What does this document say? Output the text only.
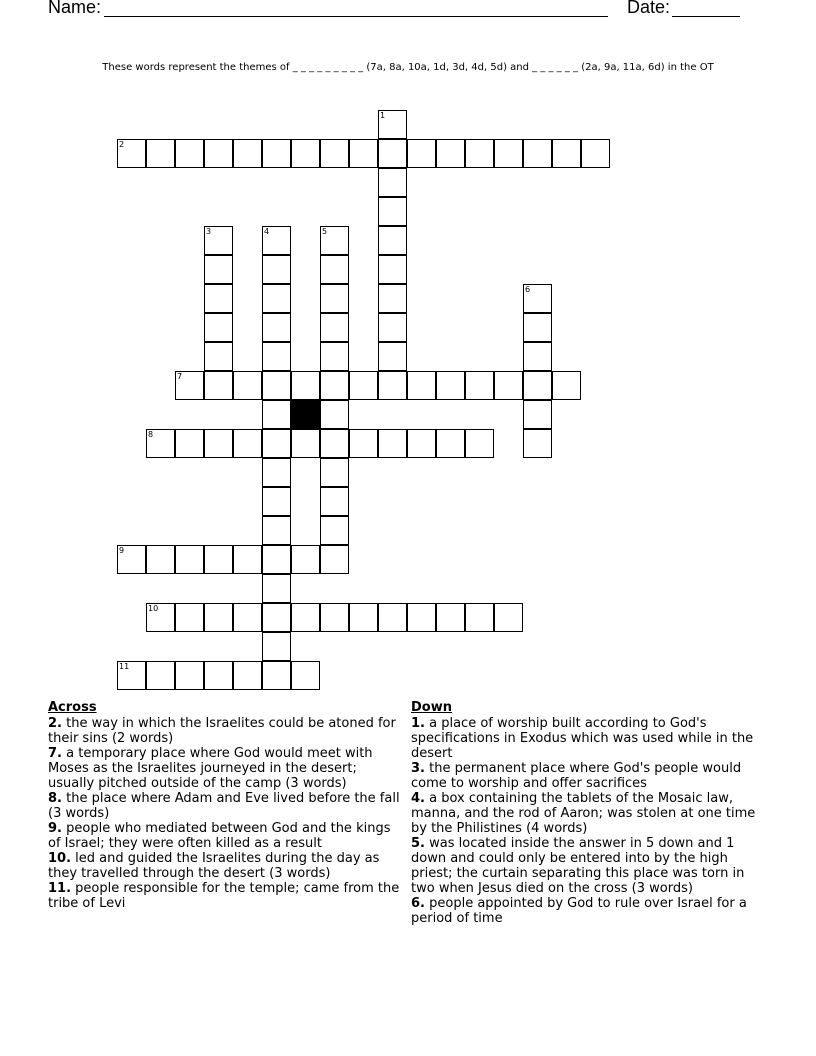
Name:	Date:
These words represent the themes of _ _ _ _ _ _ _ _ _ (7a, 8a, 10a, 1d, 3d, 4d, 5d) and _ _ _ _ _ _ (2a, 9a, 11a, 6d) in the OT
2
7
8
9
10
11
1
3	4	5
6
Across
2. the way in which the Israelites could be atoned for their sins (2 words)
7. a temporary place where God would meet with Moses as the Israelites journeyed in the desert; usually pitched outside of the camp (3 words)
8. the place where Adam and Eve lived before the fall (3 words)
9. people who mediated between God and the kings of Israel; they were often killed as a result
10. led and guided the Israelites during the day as they travelled through the desert (3 words)
11. people responsible for the temple; came from the tribe of Levi
Down
1. a place of worship built according to God's specifications in Exodus which was used while in the desert
3. the permanent place where God's people would come to worship and offer sacrifices
4. a box containing the tablets of the Mosaic law, manna, and the rod of Aaron; was stolen at one time by the Philistines (4 words)
5. was located inside the answer in 5 down and 1 down and could only be entered into by the high priest; the curtain separating this place was torn in two when Jesus died on the cross (3 words)
6. people appointed by God to rule over Israel for a period of time
